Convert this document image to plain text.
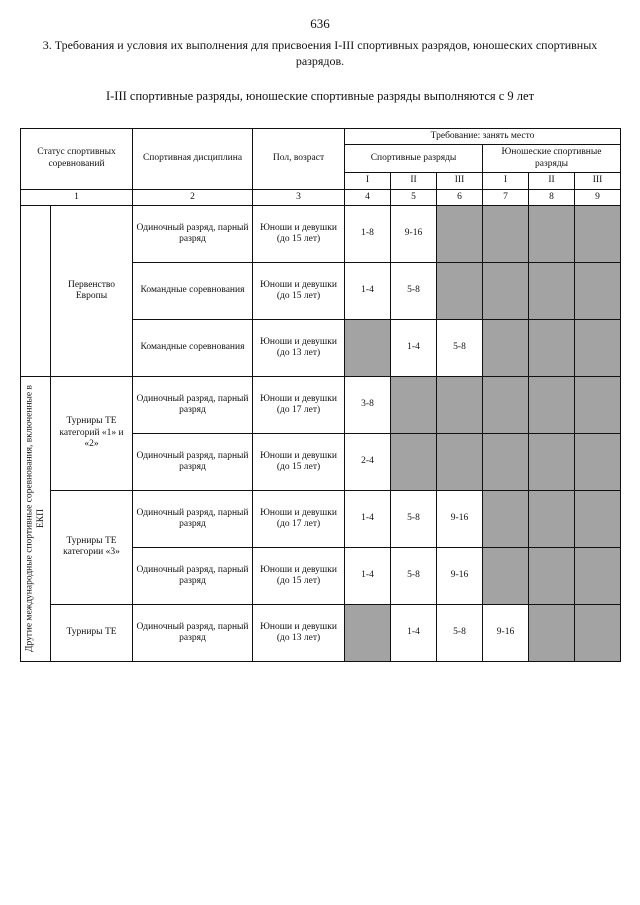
636
3. Требования и условия их выполнения для присвоения I-III спортивных разрядов, юношеских спортивных разрядов.
I-III спортивные разряды, юношеские спортивные разряды выполняются с 9 лет
Статус спортивных соревнований		Спортивная дисциплина	Пол, возраст	Требование: занять место					
				Спортивные разряды			Юношеские спортивные разряды		
				I	II	III	I	II	III
1		2	3	4	5	6	7	8	9
	Первенство Европы	Одиночный разряд, парный разряд	Юноши и девушки (до 15 лет)	1-8	9-16				
		Командные соревнования	Юноши и девушки (до 15 лет)	1-4	5-8				
		Командные соревнования	Юноши и девушки (до 13 лет)		1-4	5-8			
Другие международные спортивные соревнования, включенные в ЕКП	Турниры ТЕ категорий «1» и «2»	Одиночный разряд, парный разряд	Юноши и девушки (до 17 лет)	3-8					
		Одиночный разряд, парный разряд	Юноши и девушки (до 15 лет)	2-4					
	Турниры ТЕ категории «3»	Одиночный разряд, парный разряд	Юноши и девушки (до 17 лет)	1-4	5-8	9-16			
		Одиночный разряд, парный разряд	Юноши и девушки (до 15 лет)	1-4	5-8	9-16			
	Турниры ТЕ	Одиночный разряд, парный разряд	Юноши и девушки (до 13 лет)		1-4	5-8	9-16		
